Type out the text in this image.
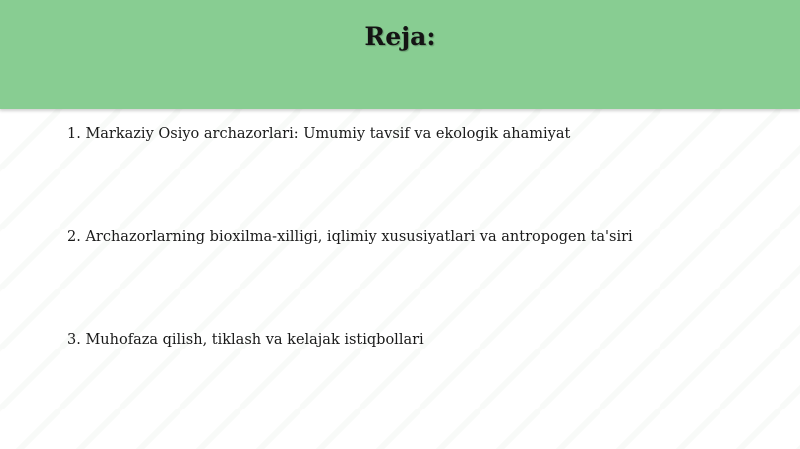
Reja:
1. Markaziy Osiyo archazorlari: Umumiy tavsif va ekologik ahamiyat
2. Archazorlarning bioxilma-xilligi, iqlimiy xususiyatlari va antropogen ta'siri
3. Muhofaza qilish, tiklash va kelajak istiqbollari
